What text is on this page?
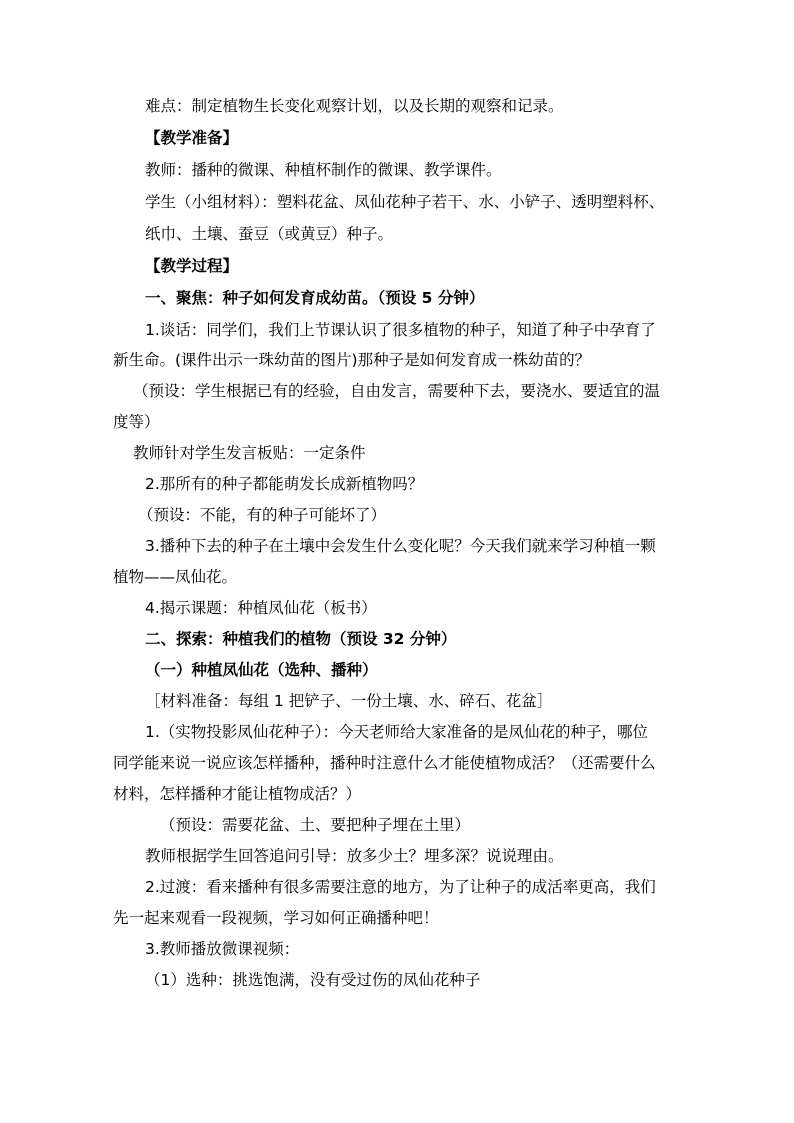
难点：制定植物生长变化观察计划，以及长期的观察和记录。
【教学准备】
教师：播种的微课、种植杯制作的微课、教学课件。
学生（小组材料）：塑料花盆、凤仙花种子若干、水、小铲子、透明塑料杯、
纸巾、土壤、蚕豆（或黄豆）种子。
【教学过程】
一、聚焦：种子如何发育成幼苗。（预设 5 分钟）
1.谈话：同学们，我们上节课认识了很多植物的种子，知道了种子中孕育了
新生命。(课件出示一珠幼苗的图片)那种子是如何发育成一株幼苗的？
（预设：学生根据已有的经验，自由发言，需要种下去，要浇水、要适宜的温
度等）
教师针对学生发言板贴：一定条件
2.那所有的种子都能萌发长成新植物吗？
（预设：不能，有的种子可能坏了）
3.播种下去的种子在土壤中会发生什么变化呢？今天我们就来学习种植一颗
植物——凤仙花。
4.揭示课题：种植凤仙花（板书）
二、探索：种植我们的植物（预设 32 分钟）
（一）种植凤仙花（选种、播种）
［材料准备：每组 1 把铲子、一份土壤、水、碎石、花盆］
1.（实物投影凤仙花种子）：今天老师给大家准备的是凤仙花的种子，哪位
同学能来说一说应该怎样播种，播种时注意什么才能使植物成活？（还需要什么
材料，怎样播种才能让植物成活？）
（预设：需要花盆、土、要把种子埋在土里）
教师根据学生回答追问引导：放多少土？埋多深？说说理由。
2.过渡：看来播种有很多需要注意的地方，为了让种子的成活率更高，我们
先一起来观看一段视频，学习如何正确播种吧！
3.教师播放微课视频：
（1）选种：挑选饱满，没有受过伤的凤仙花种子
